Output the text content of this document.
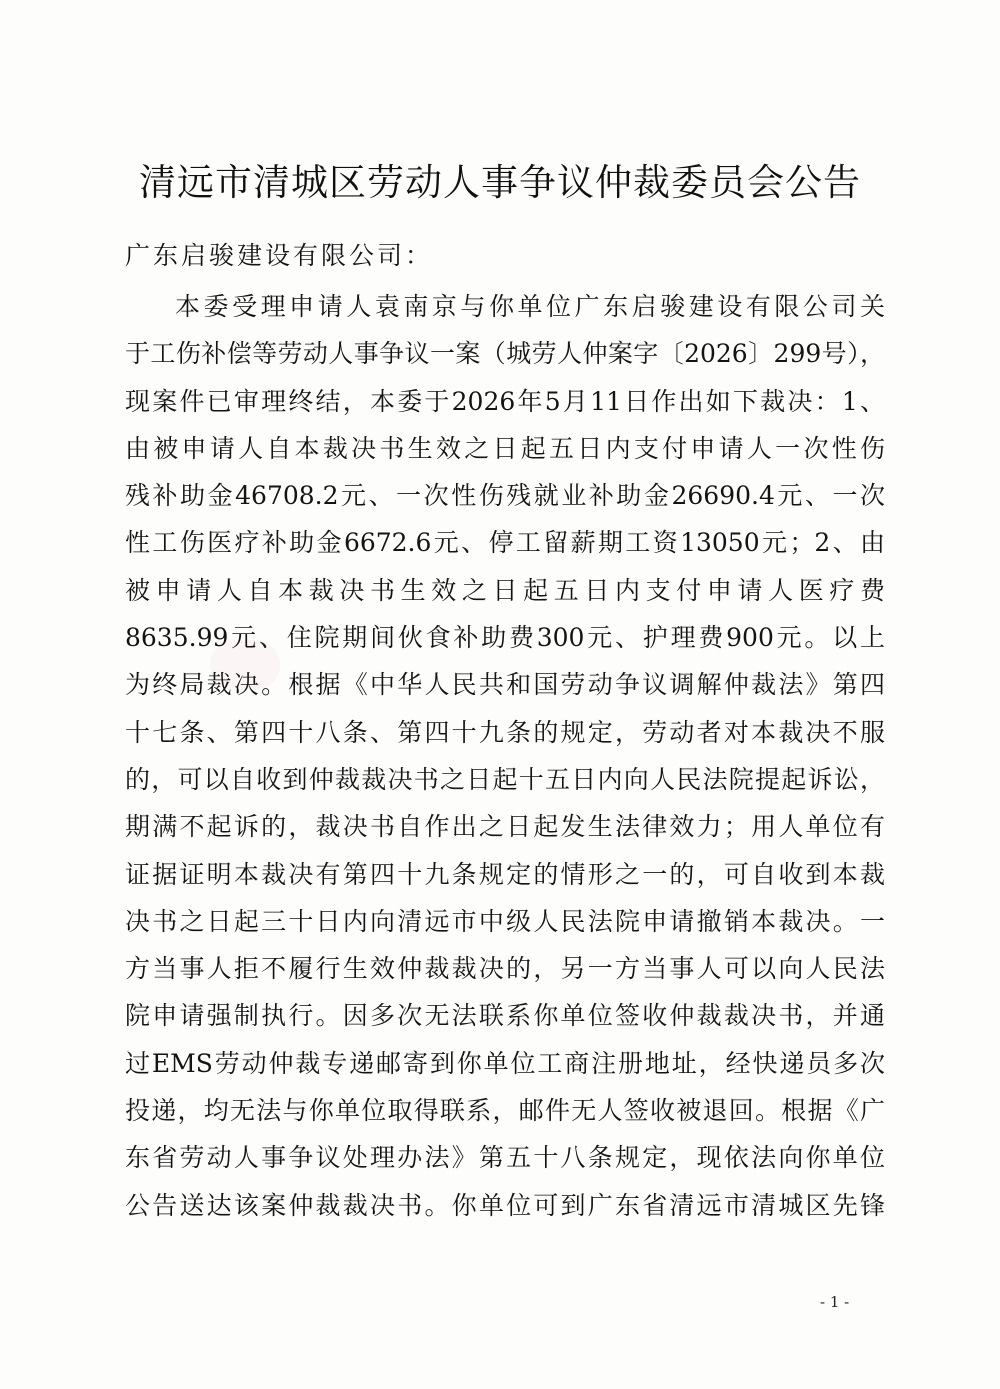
清远市清城区劳动人事争议仲裁委员会公告
广东启骏建设有限公司：
本委受理申请人袁南京与你单位广东启骏建设有限公司关
于工伤补偿等劳动人事争议一案（城劳人仲案字〔2026〕299号），
现案件已审理终结，本委于2026年5月11日作出如下裁决：1、
由被申请人自本裁决书生效之日起五日内支付申请人一次性伤
残补助金46708.2元、一次性伤残就业补助金26690.4元、一次
性工伤医疗补助金6672.6元、停工留薪期工资13050元；2、由
被申请人自本裁决书生效之日起五日内支付申请人医疗费
8635.99元、住院期间伙食补助费300元、护理费900元。以上
为终局裁决。根据《中华人民共和国劳动争议调解仲裁法》第四
十七条、第四十八条、第四十九条的规定，劳动者对本裁决不服
的，可以自收到仲裁裁决书之日起十五日内向人民法院提起诉讼，
期满不起诉的，裁决书自作出之日起发生法律效力；用人单位有
证据证明本裁决有第四十九条规定的情形之一的，可自收到本裁
决书之日起三十日内向清远市中级人民法院申请撤销本裁决。一
方当事人拒不履行生效仲裁裁决的，另一方当事人可以向人民法
院申请强制执行。因多次无法联系你单位签收仲裁裁决书，并通
过EMS劳动仲裁专递邮寄到你单位工商注册地址，经快递员多次
投递，均无法与你单位取得联系，邮件无人签收被退回。根据《广
东省劳动人事争议处理办法》第五十八条规定，现依法向你单位
公告送达该案仲裁裁决书。你单位可到广东省清远市清城区先锋
- 1 -
